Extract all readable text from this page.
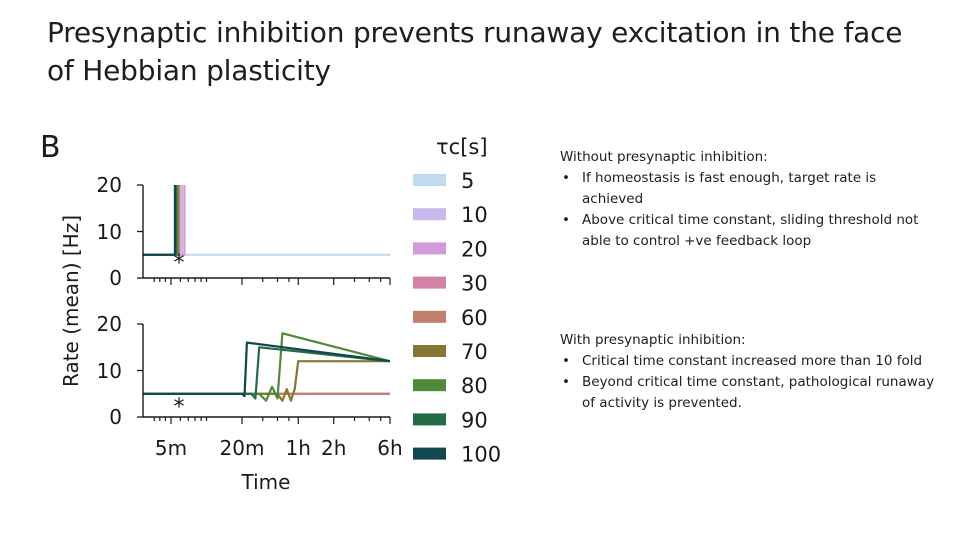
Presynaptic inhibition prevents runaway excitation in the face of Hebbian plasticity
B
*
*
0
10
20
0
10
20
5m 20m 1h 2h 6h
Rate (mean) [Hz]
Time
τc[s]
5
10
20
30
60
70
80
90
100

Without presynaptic inhibition:

• If homeostasis is fast enough, target rate is achieved
• Above critical time constant, sliding threshold not able to control +ve feedback loop

With presynaptic inhibition:

• Critical time constant increased more than 10 fold
• Beyond critical time constant, pathological runaway of activity is prevented.
